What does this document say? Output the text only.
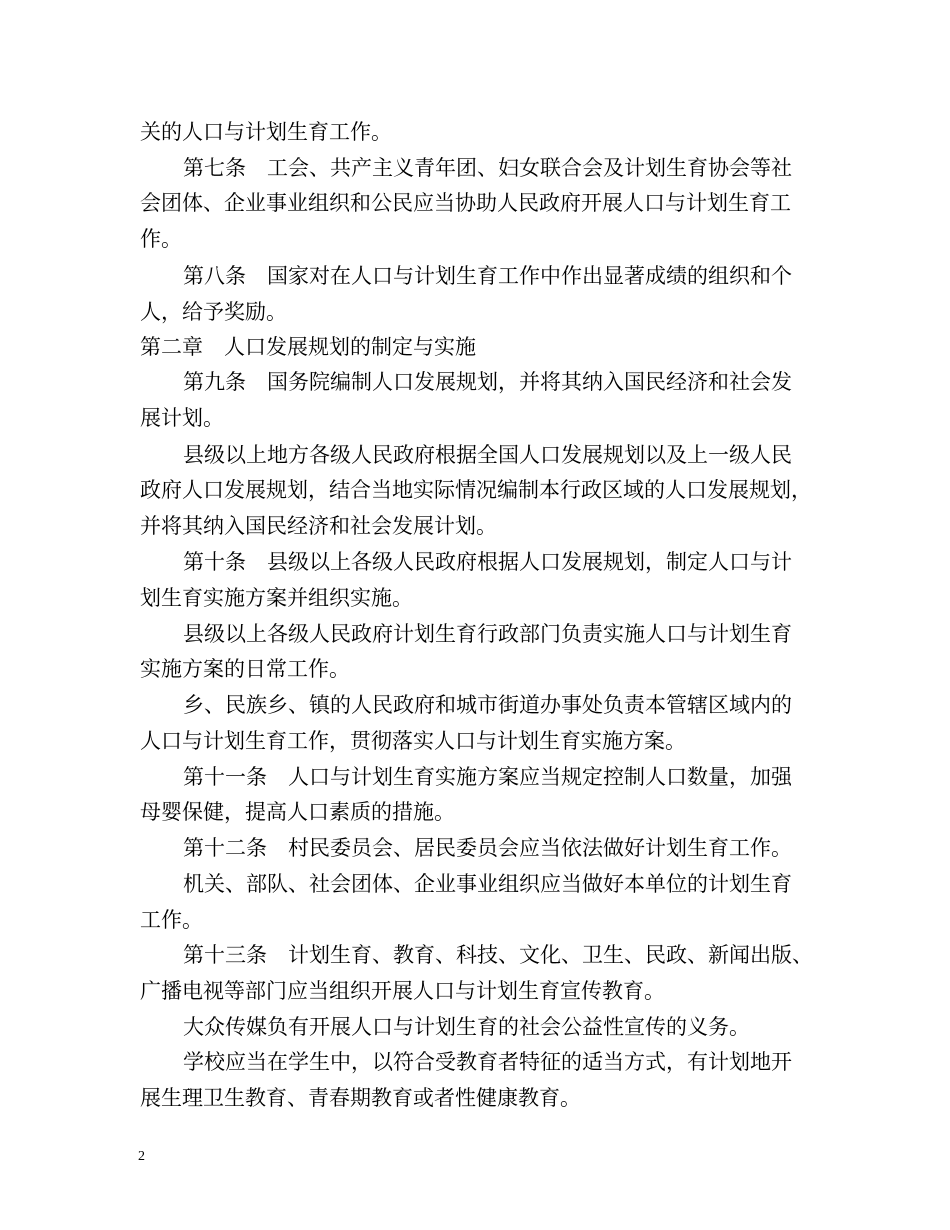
关的人口与计划生育工作。
第七条　工会、共产主义青年团、妇女联合会及计划生育协会等社
会团体、企业事业组织和公民应当协助人民政府开展人口与计划生育工
作。
第八条　国家对在人口与计划生育工作中作出显著成绩的组织和个
人，给予奖励。
第二章　人口发展规划的制定与实施
第九条　国务院编制人口发展规划，并将其纳入国民经济和社会发
展计划。
县级以上地方各级人民政府根据全国人口发展规划以及上一级人民
政府人口发展规划，结合当地实际情况编制本行政区域的人口发展规划，
并将其纳入国民经济和社会发展计划。
第十条　县级以上各级人民政府根据人口发展规划，制定人口与计
划生育实施方案并组织实施。
县级以上各级人民政府计划生育行政部门负责实施人口与计划生育
实施方案的日常工作。
乡、民族乡、镇的人民政府和城市街道办事处负责本管辖区域内的
人口与计划生育工作，贯彻落实人口与计划生育实施方案。
第十一条　人口与计划生育实施方案应当规定控制人口数量，加强
母婴保健，提高人口素质的措施。
第十二条　村民委员会、居民委员会应当依法做好计划生育工作。
机关、部队、社会团体、企业事业组织应当做好本单位的计划生育
工作。
第十三条　计划生育、教育、科技、文化、卫生、民政、新闻出版、
广播电视等部门应当组织开展人口与计划生育宣传教育。
大众传媒负有开展人口与计划生育的社会公益性宣传的义务。
学校应当在学生中，以符合受教育者特征的适当方式，有计划地开
展生理卫生教育、青春期教育或者性健康教育。
2
